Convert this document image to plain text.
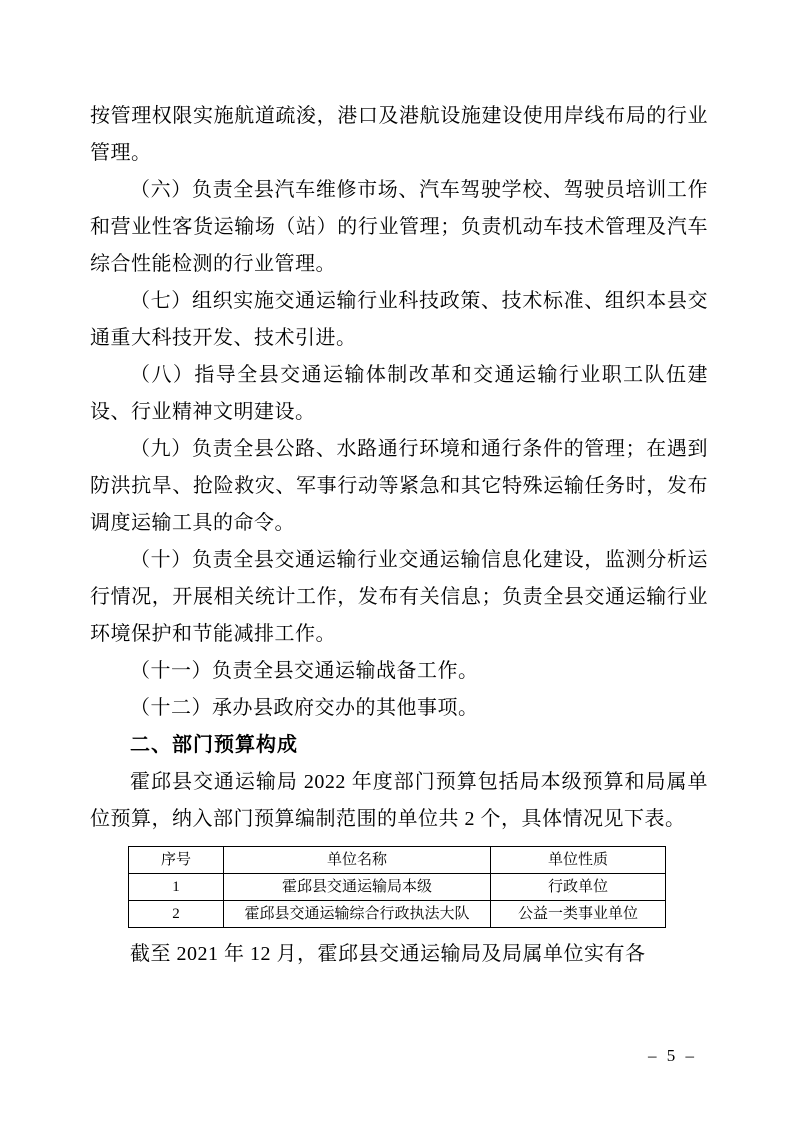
按管理权限实施航道疏浚，港口及港航设施建设使用岸线布局的行业管理。

（六）负责全县汽车维修市场、汽车驾驶学校、驾驶员培训工作和营业性客货运输场（站）的行业管理；负责机动车技术管理及汽车综合性能检测的行业管理。

（七）组织实施交通运输行业科技政策、技术标准、组织本县交通重大科技开发、技术引进。

（八）指导全县交通运输体制改革和交通运输行业职工队伍建设、行业精神文明建设。

（九）负责全县公路、水路通行环境和通行条件的管理；在遇到防洪抗旱、抢险救灾、军事行动等紧急和其它特殊运输任务时，发布调度运输工具的命令。

（十）负责全县交通运输行业交通运输信息化建设，监测分析运行情况，开展相关统计工作，发布有关信息；负责全县交通运输行业环境保护和节能减排工作。

（十一）负责全县交通运输战备工作。

（十二）承办县政府交办的其他事项。

二、部门预算构成

霍邱县交通运输局 2022 年度部门预算包括局本级预算和局属单位预算，纳入部门预算编制范围的单位共 2 个，具体情况见下表。

序号	单位名称	单位性质
1	霍邱县交通运输局本级	行政单位
2	霍邱县交通运输综合行政执法大队	公益一类事业单位

截至 2021 年 12 月，霍邱县交通运输局及局属单位实有各

– 5 –
